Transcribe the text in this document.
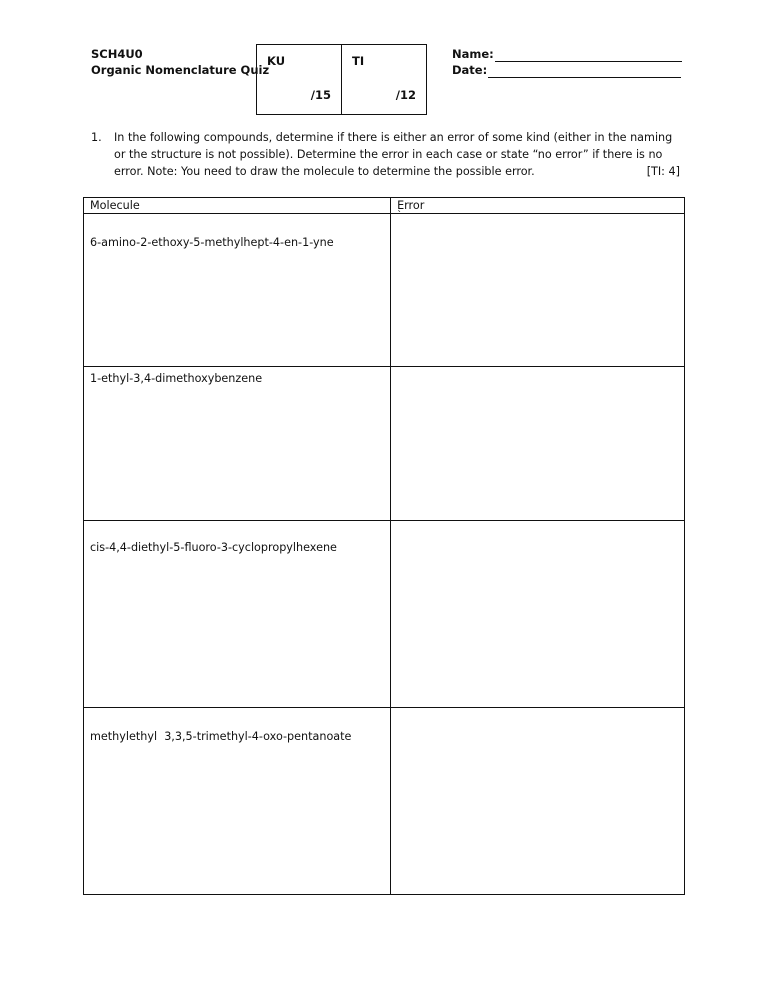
SCH4U0
Organic Nomenclature Quiz
KU
/15
TI
/12
Name:
Date:
1. In the following compounds, determine if there is either an error of some kind (either in the naming
or the structure is not possible). Determine the error in each case or state “no error” if there is no
error. Note: You need to draw the molecule to determine the possible error.	[TI: 4]
Molecule	Error

6-amino-2-ethoxy-5-methylhept-4-en-1-yne	`

1-ethyl-3,4-dimethoxybenzene	

cis-4,4-diethyl-5-fluoro-3-cyclopropylhexene	

methylethyl  3,3,5-trimethyl-4-oxo-pentanoate	
